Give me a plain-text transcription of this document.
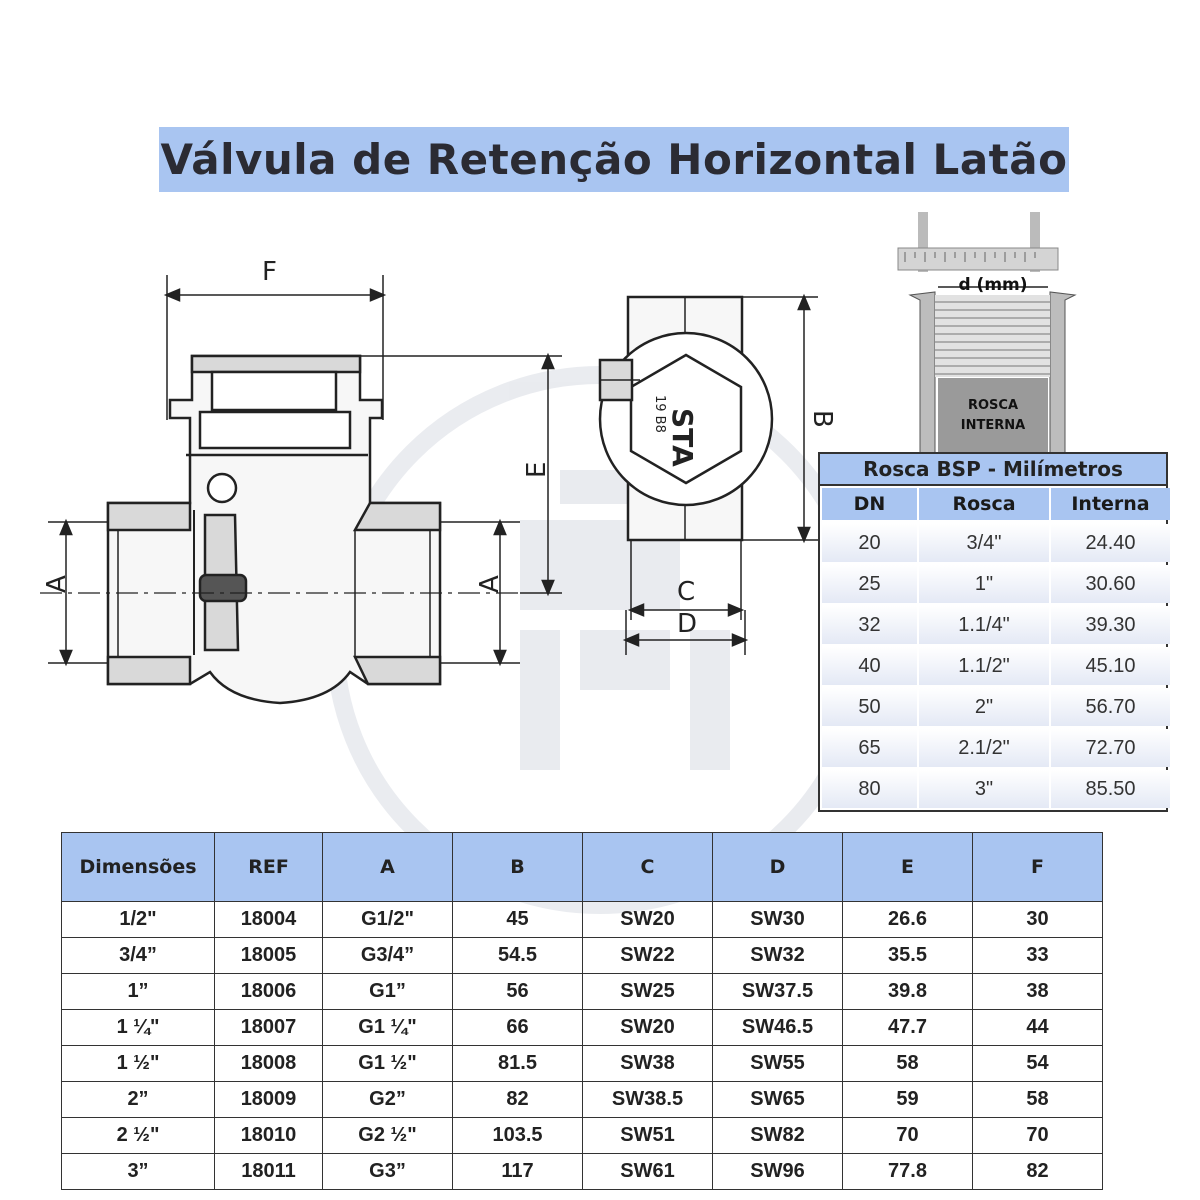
Válvula de Retenção Horizontal Latão
F
E
A	A
STA
19 B8	B
C
D
d (mm)
ROSCA
INTERNA
Rosca BSP - Milímetros
DN	Rosca	Interna
20	3/4"	24.40
25	1"	30.60
32	1.1/4"	39.30
40	1.1/2"	45.10
50	2"	56.70
65	2.1/2"	72.70
80	3"	85.50
Dimensões	REF	A	B	C	D	E	F
1/2"	18004	G1/2"	45	SW20	SW30	26.6	30
3/4”	18005	G3/4”	54.5	SW22	SW32	35.5	33
1”	18006	G1”	56	SW25	SW37.5	39.8	38
1 ¼"	18007	G1 ¼"	66	SW20	SW46.5	47.7	44
1 ½"	18008	G1 ½"	81.5	SW38	SW55	58	54
2”	18009	G2”	82	SW38.5	SW65	59	58
2 ½"	18010	G2 ½"	103.5	SW51	SW82	70	70
3”	18011	G3”	117	SW61	SW96	77.8	82
